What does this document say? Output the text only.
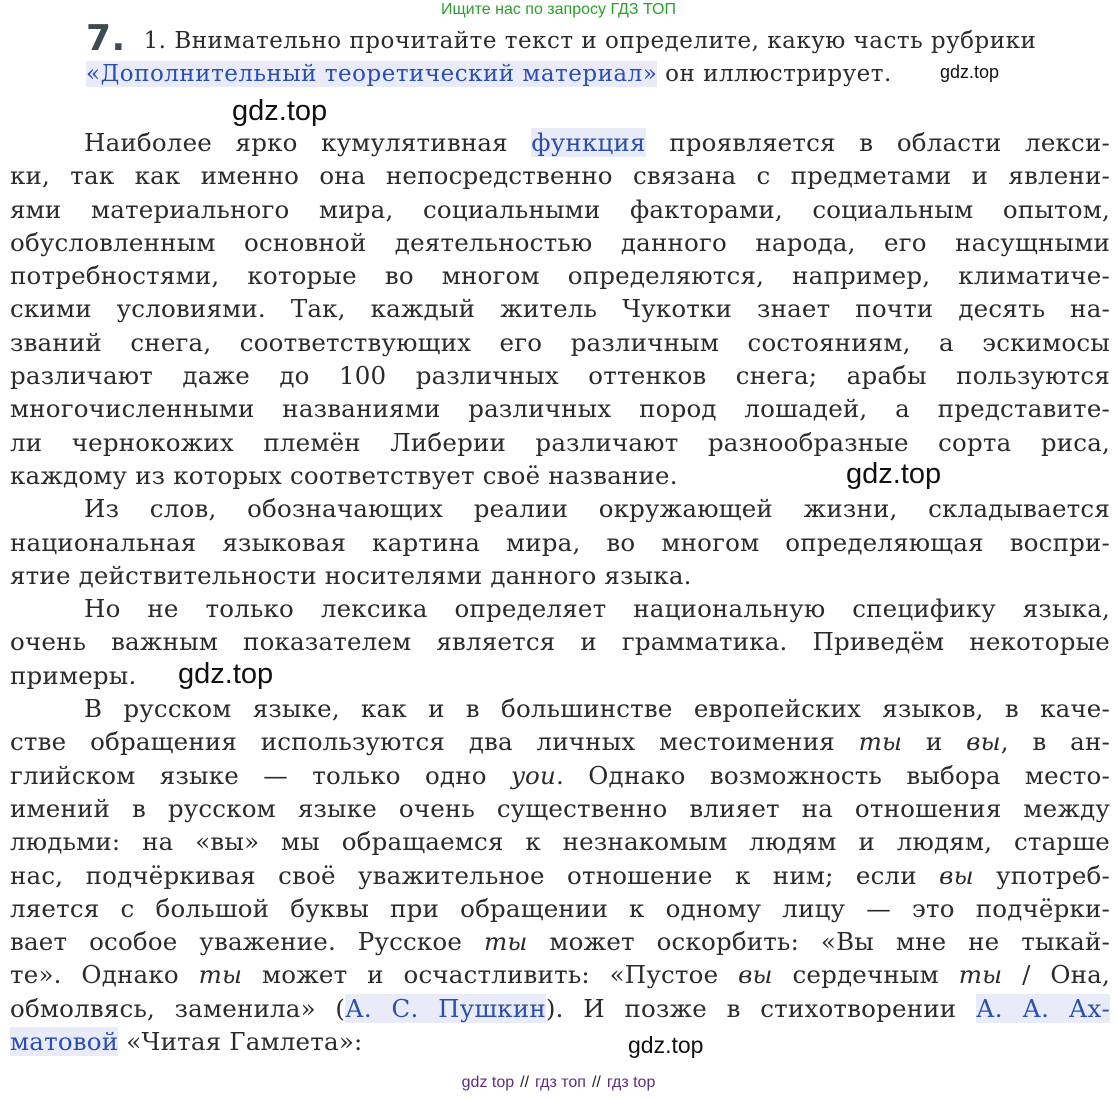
Ищите нас по запросу ГДЗ ТОП
7. 1. Внимательно прочитайте текст и определите, какую часть рубрики
«Дополнительный теоретический материал» он иллюстрирует.	gdz.top
gdz.top
Наиболее ярко кумулятивная функция проявляется в области лекси-
ки, так как именно она непосредственно связана с предметами и явлени-
ями материального мира, социальными факторами, социальным опытом,
обусловленным основной деятельностью данного народа, его насущными
потребностями, которые во многом определяются, например, климатиче-
скими условиями. Так, каждый житель Чукотки знает почти десять на-
званий снега, соответствующих его различным состояниям, а эскимосы
различают даже до 100 различных оттенков снега; арабы пользуются
многочисленными названиями различных пород лошадей, а представите-
ли чернокожих племён Либерии различают разнообразные сорта риса,
каждому из которых соответствует своё название.
Из слов, обозначающих реалии окружающей жизни, складывается
национальная языковая картина мира, во многом определяющая воспри-
ятие действительности носителями данного языка.
Но не только лексика определяет национальную специфику языка,
очень важным показателем является и грамматика. Приведём некоторые
примеры.
В русском языке, как и в большинстве европейских языков, в каче-
стве обращения используются два личных местоимения ты и вы, в ан-
глийском языке — только одно you. Однако возможность выбора место-
имений в русском языке очень существенно влияет на отношения между
людьми: на «вы» мы обращаемся к незнакомым людям и людям, старше
нас, подчёркивая своё уважительное отношение к ним; если вы употреб-
ляется с большой буквы при обращении к одному лицу — это подчёрки-
вает особое уважение. Русское ты может оскорбить: «Вы мне не тыкай-
те». Однако ты может и осчастливить: «Пустое вы сердечным ты / Она,
обмолвясь, заменила» (А. С. Пушкин). И позже в стихотворении А. А. Ах-
матовой «Читая Гамлета»:
gdz.top
gdz.top
gdz.top
gdz top // гдз топ // гдз top
